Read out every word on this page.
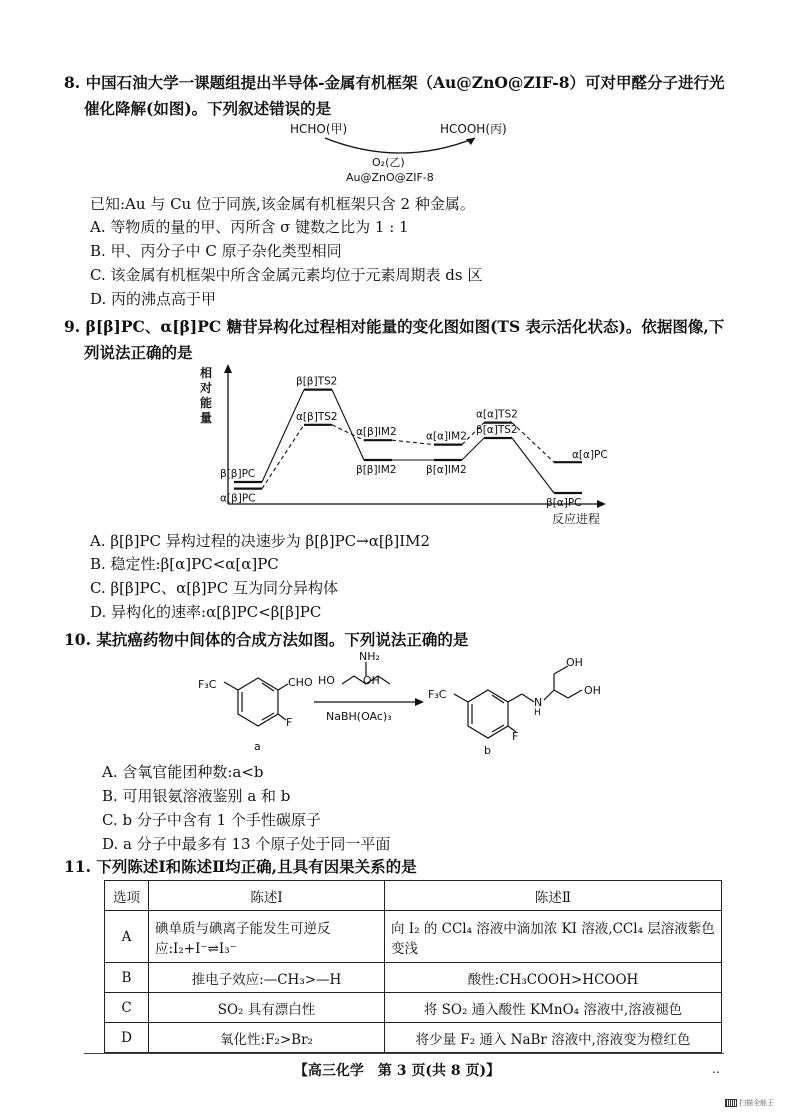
8. 中国石油大学一课题组提出半导体-金属有机框架（Au@ZnO@ZIF-8）可对甲醛分子进行光
催化降解(如图)。下列叙述错误的是
HCHO(甲)	HCOOH(丙)
O₂(乙)
Au@ZnO@ZIF-8
已知:Au 与 Cu 位于同族,该金属有机框架只含 2 种金属。
A. 等物质的量的甲、丙所含 σ 键数之比为 1 : 1
B. 甲、丙分子中 C 原子杂化类型相同
C. 该金属有机框架中所含金属元素均位于元素周期表 ds 区
D. 丙的沸点高于甲
9. β[β]PC、α[β]PC 糖苷异构化过程相对能量的变化图如图(TS 表示活化状态)。依据图像,下
列说法正确的是
相对能量
β[β]PC
β[β]TS2
β[β]IM2	β[α]IM2
β[α]TS2
β[α]PC
α[β]PC
α[β]TS2
α[β]IM2	α[α]IM2
α[α]TS2
α[α]PC
反应进程
A. β[β]PC 异构过程的决速步为 β[β]PC→α[β]IM2
B. 稳定性:β[α]PC<α[α]PC
C. β[β]PC、α[β]PC 互为同分异构体
D. 异构化的速率:α[β]PC<β[β]PC
10. 某抗癌药物中间体的合成方法如图。下列说法正确的是
F₃C	CHO
F
a
NH₂
HO        OH
NaBH(OAc)₃
F₃C
F
N
H
OH
OH
b
A. 含氧官能团种数:a<b
B. 可用银氨溶液鉴别 a 和 b
C. b 分子中含有 1 个手性碳原子
D. a 分子中最多有 13 个原子处于同一平面
11. 下列陈述Ⅰ和陈述Ⅱ均正确,且具有因果关系的是
选项	陈述Ⅰ	陈述Ⅱ
A	碘单质与碘离子能发生可逆反应:I₂+I⁻⇌I₃⁻	向 I₂ 的 CCl₄ 溶液中滴加浓 KI 溶液,CCl₄ 层溶液紫色变浅
B	推电子效应:—CH₃>—H	酸性:CH₃COOH>HCOOH
C	SO₂ 具有漂白性	将 SO₂ 通入酸性 KMnO₄ 溶液中,溶液褪色
D	氧化性:F₂>Br₂	将少量 F₂ 通入 NaBr 溶液中,溶液变为橙红色
【高三化学　第 3 页(共 8 页)】	..
扫描全能王
